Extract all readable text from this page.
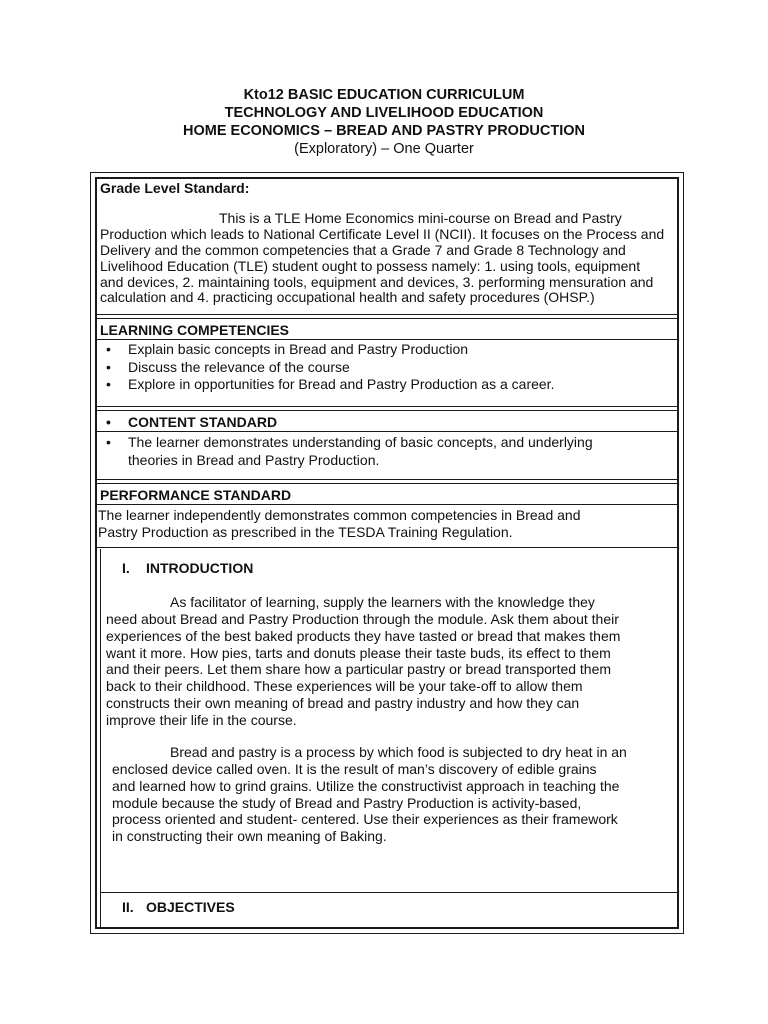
Kto12 BASIC EDUCATION CURRICULUM
TECHNOLOGY AND LIVELIHOOD EDUCATION
HOME ECONOMICS – BREAD AND PASTRY PRODUCTION
(Exploratory) – One Quarter
Grade Level Standard:
This is a TLE Home Economics mini-course on Bread and Pastry
Production which leads to National Certificate Level II (NCII). It focuses on the Process and
Delivery and the common competencies that a Grade 7 and Grade 8 Technology and
Livelihood Education (TLE) student ought to possess namely: 1. using tools, equipment
and devices, 2. maintaining tools, equipment and devices, 3. performing mensuration and
calculation and 4. practicing occupational health and safety procedures (OHSP.)
LEARNING COMPETENCIES
• Explain basic concepts in Bread and Pastry Production
• Discuss the relevance of the course
• Explore in opportunities for Bread and Pastry Production as a career.
• CONTENT STANDARD
• The learner demonstrates understanding of basic concepts, and underlying
theories in Bread and Pastry Production.
PERFORMANCE STANDARD
The learner independently demonstrates common competencies in Bread and
Pastry Production as prescribed in the TESDA Training Regulation.
I. INTRODUCTION
As facilitator of learning, supply the learners with the knowledge they
need about Bread and Pastry Production through the module. Ask them about their
experiences of the best baked products they have tasted or bread that makes them
want it more. How pies, tarts and donuts please their taste buds, its effect to them
and their peers. Let them share how a particular pastry or bread transported them
back to their childhood. These experiences will be your take-off to allow them
constructs their own meaning of bread and pastry industry and how they can
improve their life in the course.
Bread and pastry is a process by which food is subjected to dry heat in an
enclosed device called oven. It is the result of man’s discovery of edible grains
and learned how to grind grains. Utilize the constructivist approach in teaching the
module because the study of Bread and Pastry Production is activity-based,
process oriented and student- centered. Use their experiences as their framework
in constructing their own meaning of Baking.
II. OBJECTIVES
